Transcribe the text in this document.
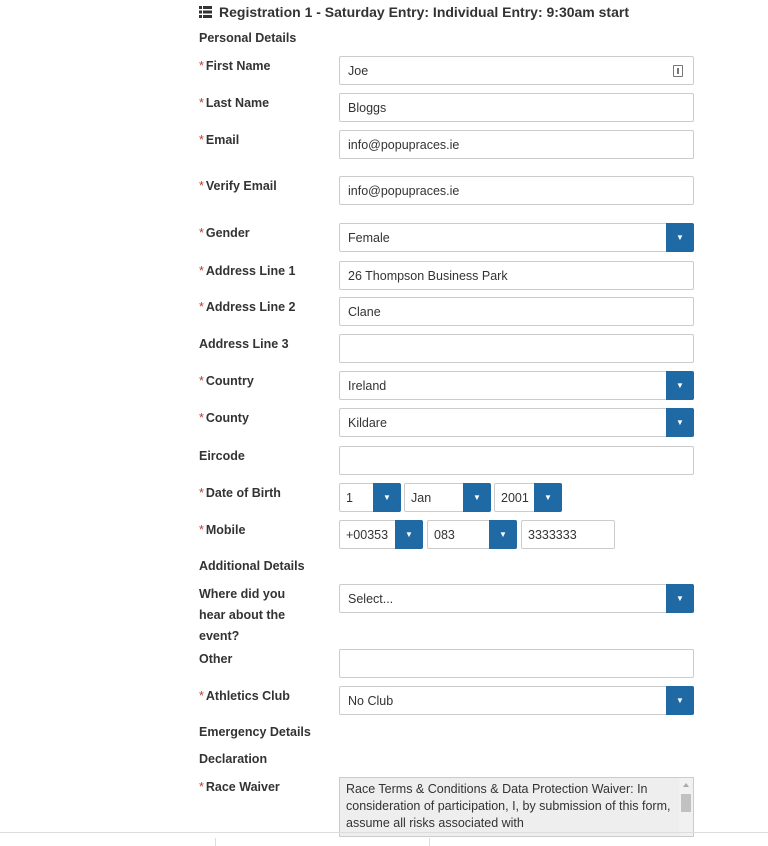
Registration 1 - Saturday Entry: Individual Entry: 9:30am start
Personal Details
* First Name	Joe
* Last Name	Bloggs
* Email	info@popupraces.ie
* Verify Email	info@popupraces.ie
* Gender	Female	▼
* Address Line 1	26 Thompson Business Park
* Address Line 2	Clane
Address Line 3
* Country	Ireland	▼
* County	Kildare	▼
Eircode
* Date of Birth	1	▼	Jan	▼	2001	▼
* Mobile	+00353	▼	083	▼	3333333
Additional Details
Where did you hear about the event?
Select...	▼
Other
* Athletics Club	No Club	▼
Emergency Details
Declaration
* Race Waiver	Race Terms & Conditions & Data Protection Waiver: In consideration of participation, I, by submission of this form, assume all risks associated with
